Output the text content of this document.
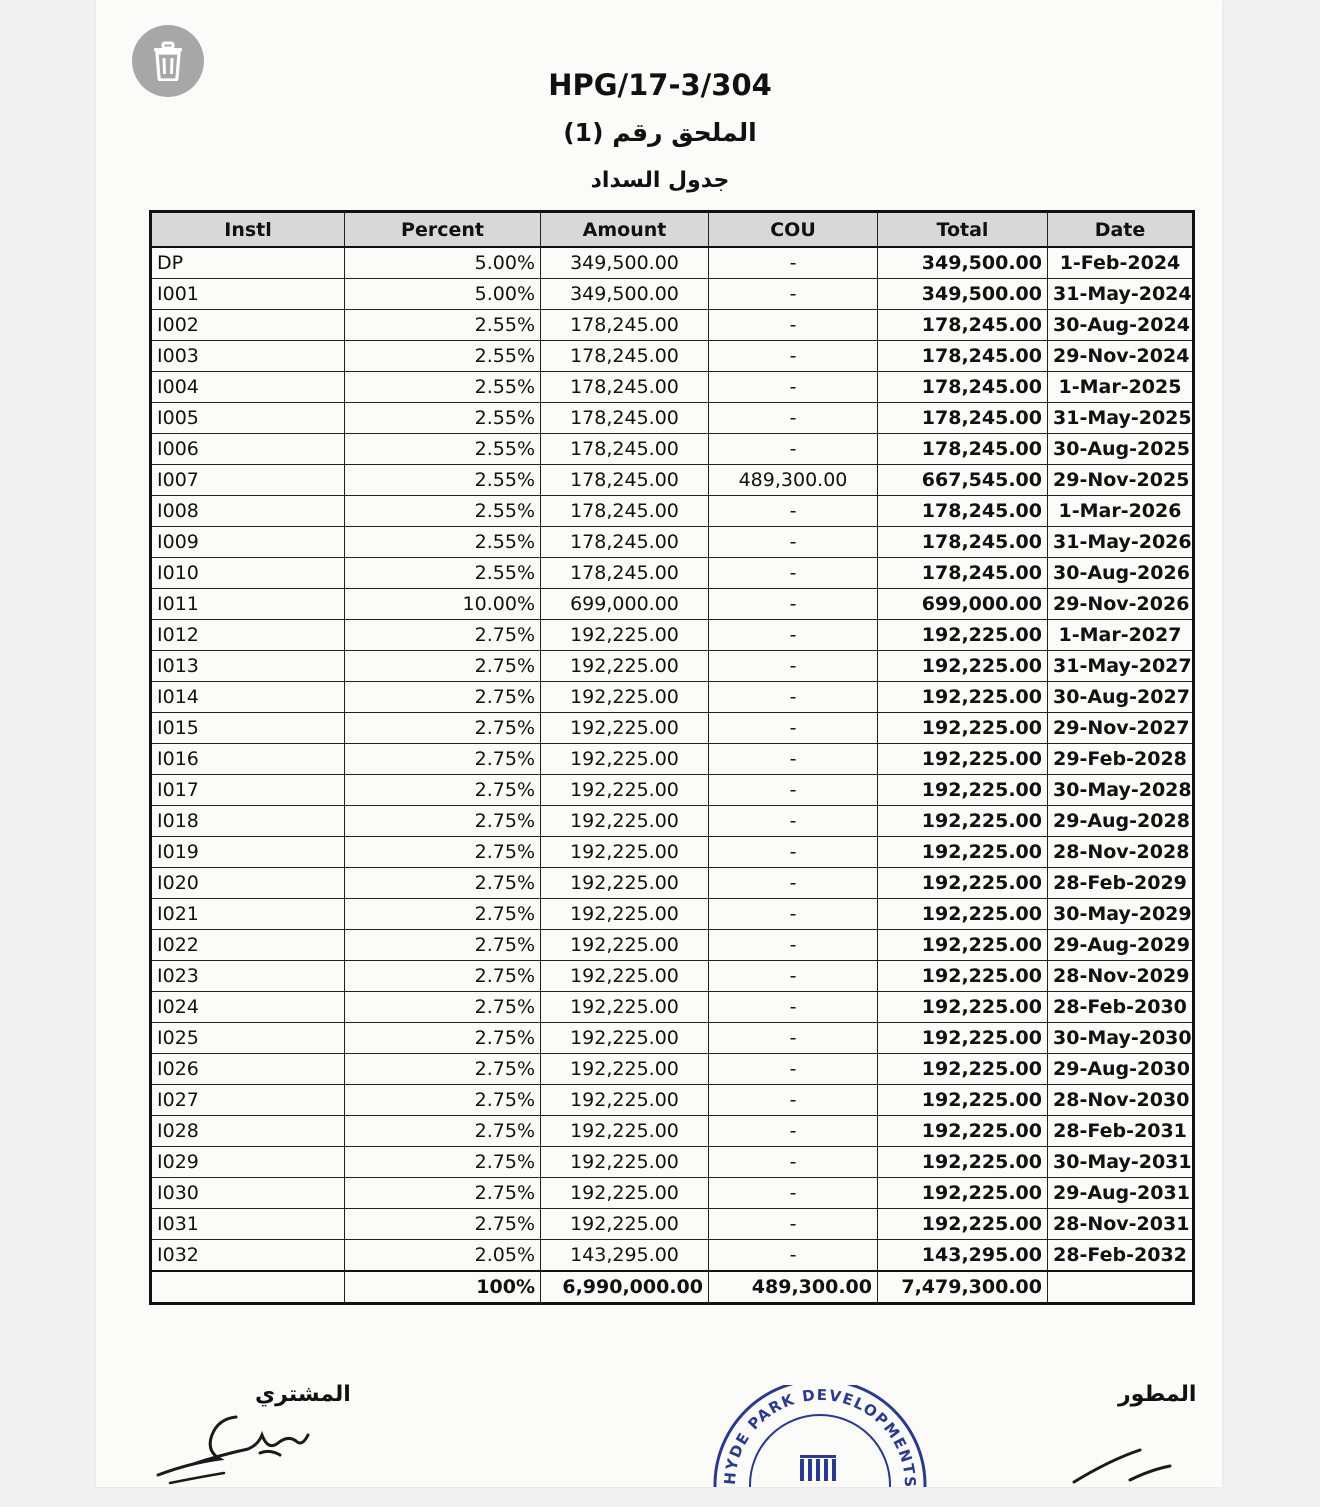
HPG/17-3/304
الملحق رقم (1)
جدول السداد
Instl	Percent	Amount	COU	Total	Date
DP	5.00%	349,500.00	-	349,500.00	1-Feb-2024
I001	5.00%	349,500.00	-	349,500.00	31-May-2024
I002	2.55%	178,245.00	-	178,245.00	30-Aug-2024
I003	2.55%	178,245.00	-	178,245.00	29-Nov-2024
I004	2.55%	178,245.00	-	178,245.00	1-Mar-2025
I005	2.55%	178,245.00	-	178,245.00	31-May-2025
I006	2.55%	178,245.00	-	178,245.00	30-Aug-2025
I007	2.55%	178,245.00	489,300.00	667,545.00	29-Nov-2025
I008	2.55%	178,245.00	-	178,245.00	1-Mar-2026
I009	2.55%	178,245.00	-	178,245.00	31-May-2026
I010	2.55%	178,245.00	-	178,245.00	30-Aug-2026
I011	10.00%	699,000.00	-	699,000.00	29-Nov-2026
I012	2.75%	192,225.00	-	192,225.00	1-Mar-2027
I013	2.75%	192,225.00	-	192,225.00	31-May-2027
I014	2.75%	192,225.00	-	192,225.00	30-Aug-2027
I015	2.75%	192,225.00	-	192,225.00	29-Nov-2027
I016	2.75%	192,225.00	-	192,225.00	29-Feb-2028
I017	2.75%	192,225.00	-	192,225.00	30-May-2028
I018	2.75%	192,225.00	-	192,225.00	29-Aug-2028
I019	2.75%	192,225.00	-	192,225.00	28-Nov-2028
I020	2.75%	192,225.00	-	192,225.00	28-Feb-2029
I021	2.75%	192,225.00	-	192,225.00	30-May-2029
I022	2.75%	192,225.00	-	192,225.00	29-Aug-2029
I023	2.75%	192,225.00	-	192,225.00	28-Nov-2029
I024	2.75%	192,225.00	-	192,225.00	28-Feb-2030
I025	2.75%	192,225.00	-	192,225.00	30-May-2030
I026	2.75%	192,225.00	-	192,225.00	29-Aug-2030
I027	2.75%	192,225.00	-	192,225.00	28-Nov-2030
I028	2.75%	192,225.00	-	192,225.00	28-Feb-2031
I029	2.75%	192,225.00	-	192,225.00	30-May-2031
I030	2.75%	192,225.00	-	192,225.00	29-Aug-2031
I031	2.75%	192,225.00	-	192,225.00	28-Nov-2031
I032	2.05%	143,295.00	-	143,295.00	28-Feb-2032
	100%	6,990,000.00	489,300.00	7,479,300.00	
المشتري	المطور
HYDE PARK DEVELOPMENTS
